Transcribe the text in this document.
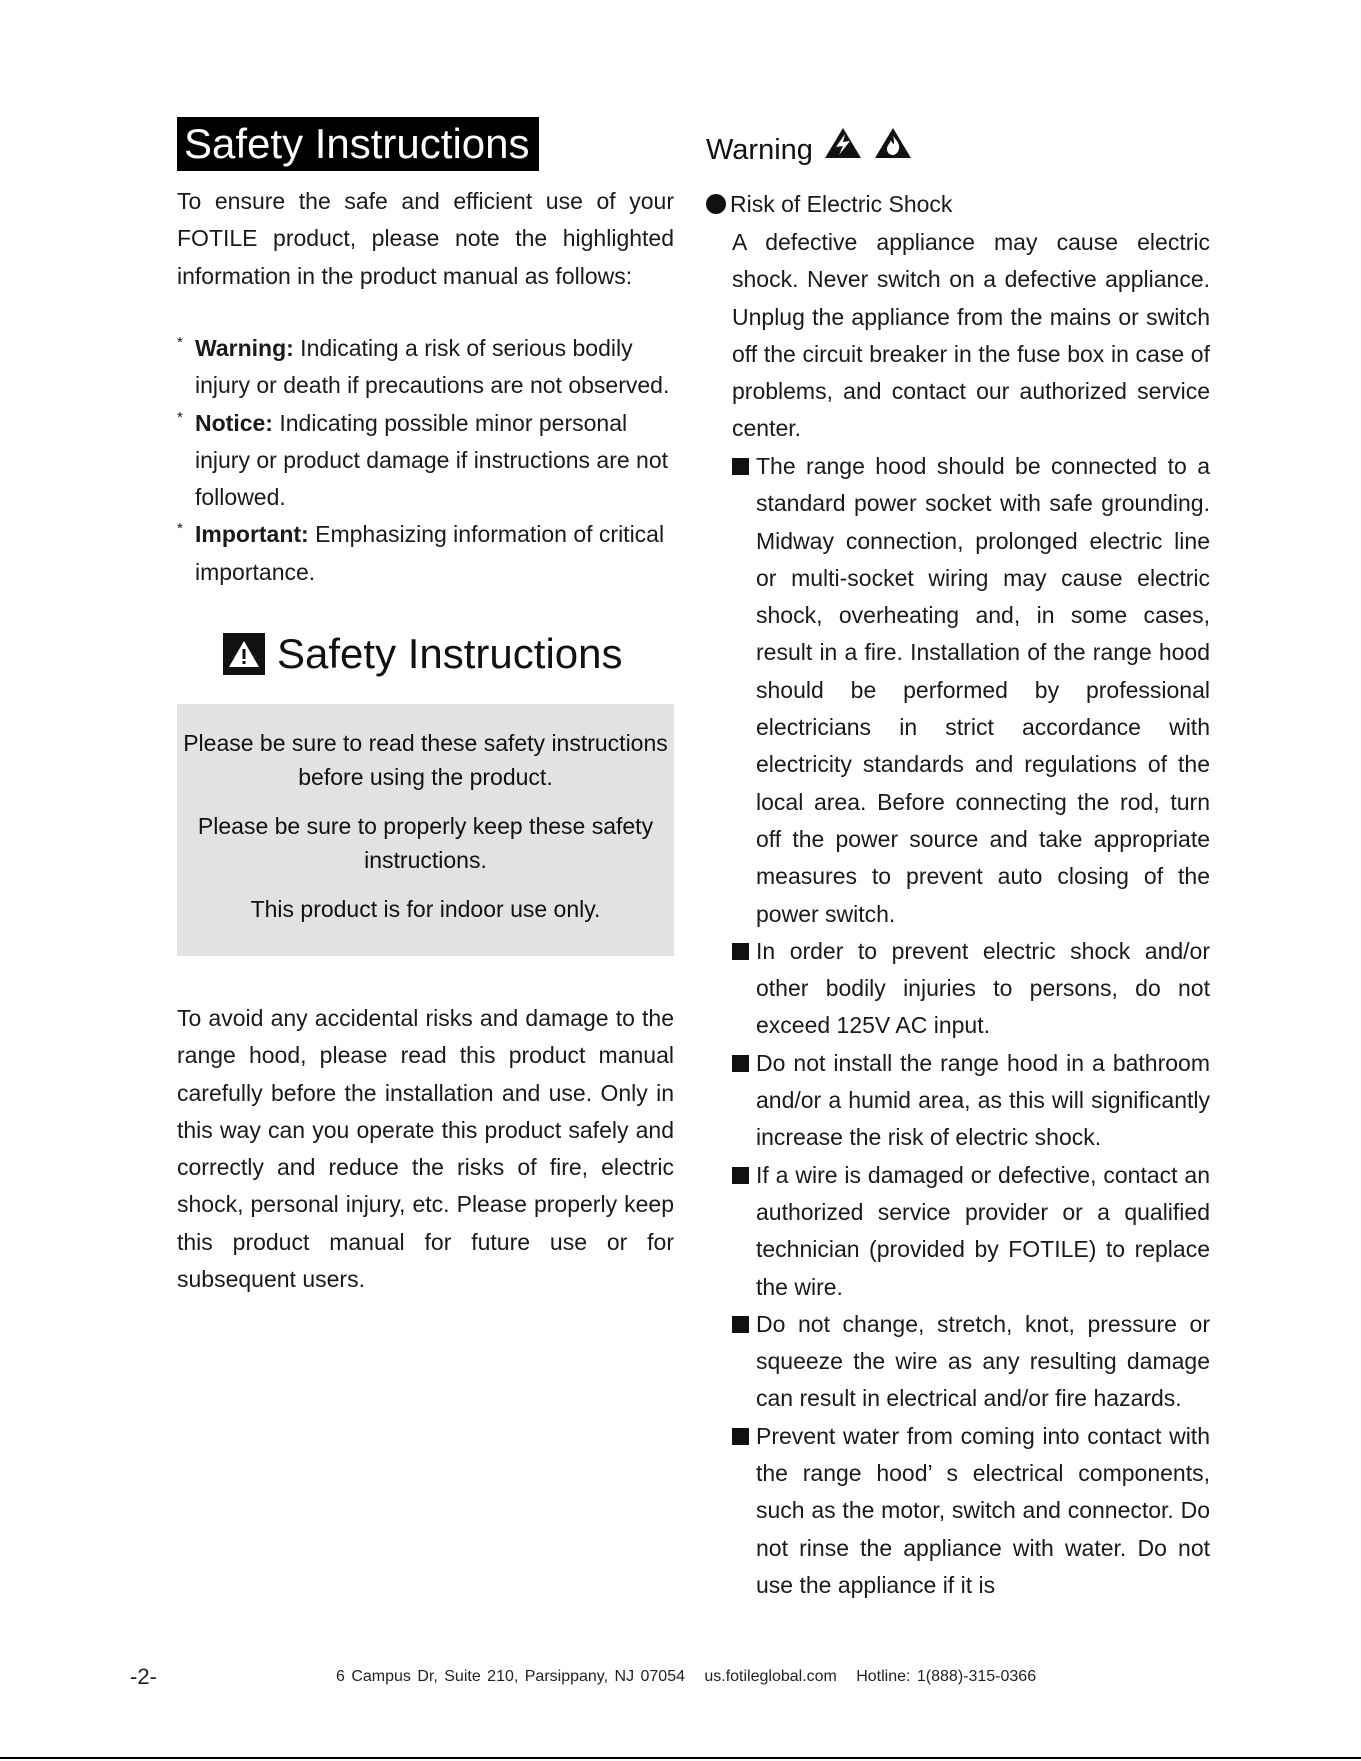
Safety Instructions
To ensure the safe and efficient use of your FOTILE product, please note the highlighted information in the product manual as follows:
* Warning: Indicating a risk of serious bodily injury or death if precautions are not observed.
* Notice: Indicating possible minor personal injury or product damage if instructions are not followed.
* Important: Emphasizing information of critical importance.
Safety Instructions

Please be sure to read these safety instructions before using the product.

Please be sure to properly keep these safety instructions.

This product is for indoor use only.

To avoid any accidental risks and damage to the range hood, please read this product manual carefully before the installation and use. Only in this way can you operate this product safely and correctly and reduce the risks of fire, electric shock, personal injury, etc. Please properly keep this product manual for future use or for subsequent users.
Warning
Risk of Electric Shock
A defective appliance may cause electric shock. Never switch on a defective appliance. Unplug the appliance from the mains or switch off the circuit breaker in the fuse box in case of problems, and contact our authorized service center.
The range hood should be connected to a standard power socket with safe grounding. Midway connection, prolonged electric line or multi-socket wiring may cause electric shock, overheating and, in some cases, result in a fire. Installation of the range hood should be performed by professional electricians in strict accordance with electricity standards and regulations of the local area. Before connecting the rod, turn off the power source and take appropriate measures to prevent auto closing of the power switch.
In order to prevent electric shock and/or other bodily injuries to persons, do not exceed 125V AC input.
Do not install the range hood in a bathroom and/or a humid area, as this will significantly increase the risk of electric shock.
If a wire is damaged or defective, contact an authorized service provider or a qualified technician (provided by FOTILE) to replace the wire.
Do not change, stretch, knot, pressure or squeeze the wire as any resulting damage can result in electrical and/or fire hazards.
Prevent water from coming into contact with the range hood’ s electrical components, such as the motor, switch and connector. Do not rinse the appliance with water. Do not use the appliance if it is
-2-	6 Campus Dr, Suite 210, Parsippany, NJ 07054 us.fotileglobal.com Hotline: 1(888)-315-0366
